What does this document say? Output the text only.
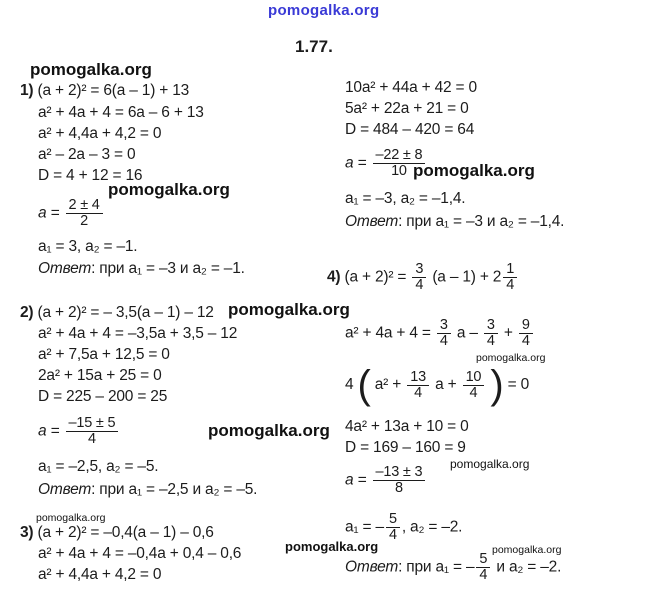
pomogalka.org
1.77.
pomogalka.org
1) (a + 2)² = 6(a – 1) + 13
a² + 4a + 4 = 6a – 6 + 13
a² + 4,4a + 4,2 = 0
a² – 2a – 3 = 0
D = 4 + 12 = 16
pomogalka.org
$a = \frac{2 \pm 4}{2}$
a₁ = 3, a₂ = –1.
Ответ: при a₁ = –3 и a₂ = –1.
2) (a + 2)² = – 3,5(a – 1) – 12 pomogalka.org
a² + 4a + 4 = –3,5a + 3,5 – 12
a² + 7,5a + 12,5 = 0
2a² + 15a + 25 = 0
D = 225 – 200 = 25
$a = \frac{-15 \pm 5}{4}$	pomogalka.org
a₁ = –2,5, a₂ = –5.
Ответ: при a₁ = –2,5 и a₂ = –5.
pomogalka.org
3) (a + 2)² = –0,4(a – 1) – 0,6
a² + 4a + 4 = –0,4a + 0,4 – 0,6
a² + 4,4a + 4,2 = 0
10a² + 44a + 42 = 0
5a² + 22a + 21 = 0
D = 484 – 420 = 64
$a = \frac{-22 \pm 8}{10}$
pomogalka.org
a₁ = –3, a₂ = –1,4.
Ответ: при a₁ = –3 и a₂ = –1,4.
4) $(a + 2)^2 = \frac{3}{4} (a - 1) + 2 \frac{1}{4}$
$a^2 + 4a + 4 = \frac{3}{4}$ $a - \frac{3}{4} + \frac{9}{4}$
pomogalka.org
4 ( $a^2 + \frac{13}{4}$ $a + \frac{10}{4}$ ) = 0
4a² + 13a + 10 = 0
D = 169 – 160 = 9
pomogalka.org
$a = \frac{-13 \pm 3}{8}$
a₁ = – $\frac{5}{4}$ , a₂ = –2.
pomogalka.org	pomogalka.org
Ответ: при a₁ = – $\frac{5}{4}$ и a₂ = –2.
